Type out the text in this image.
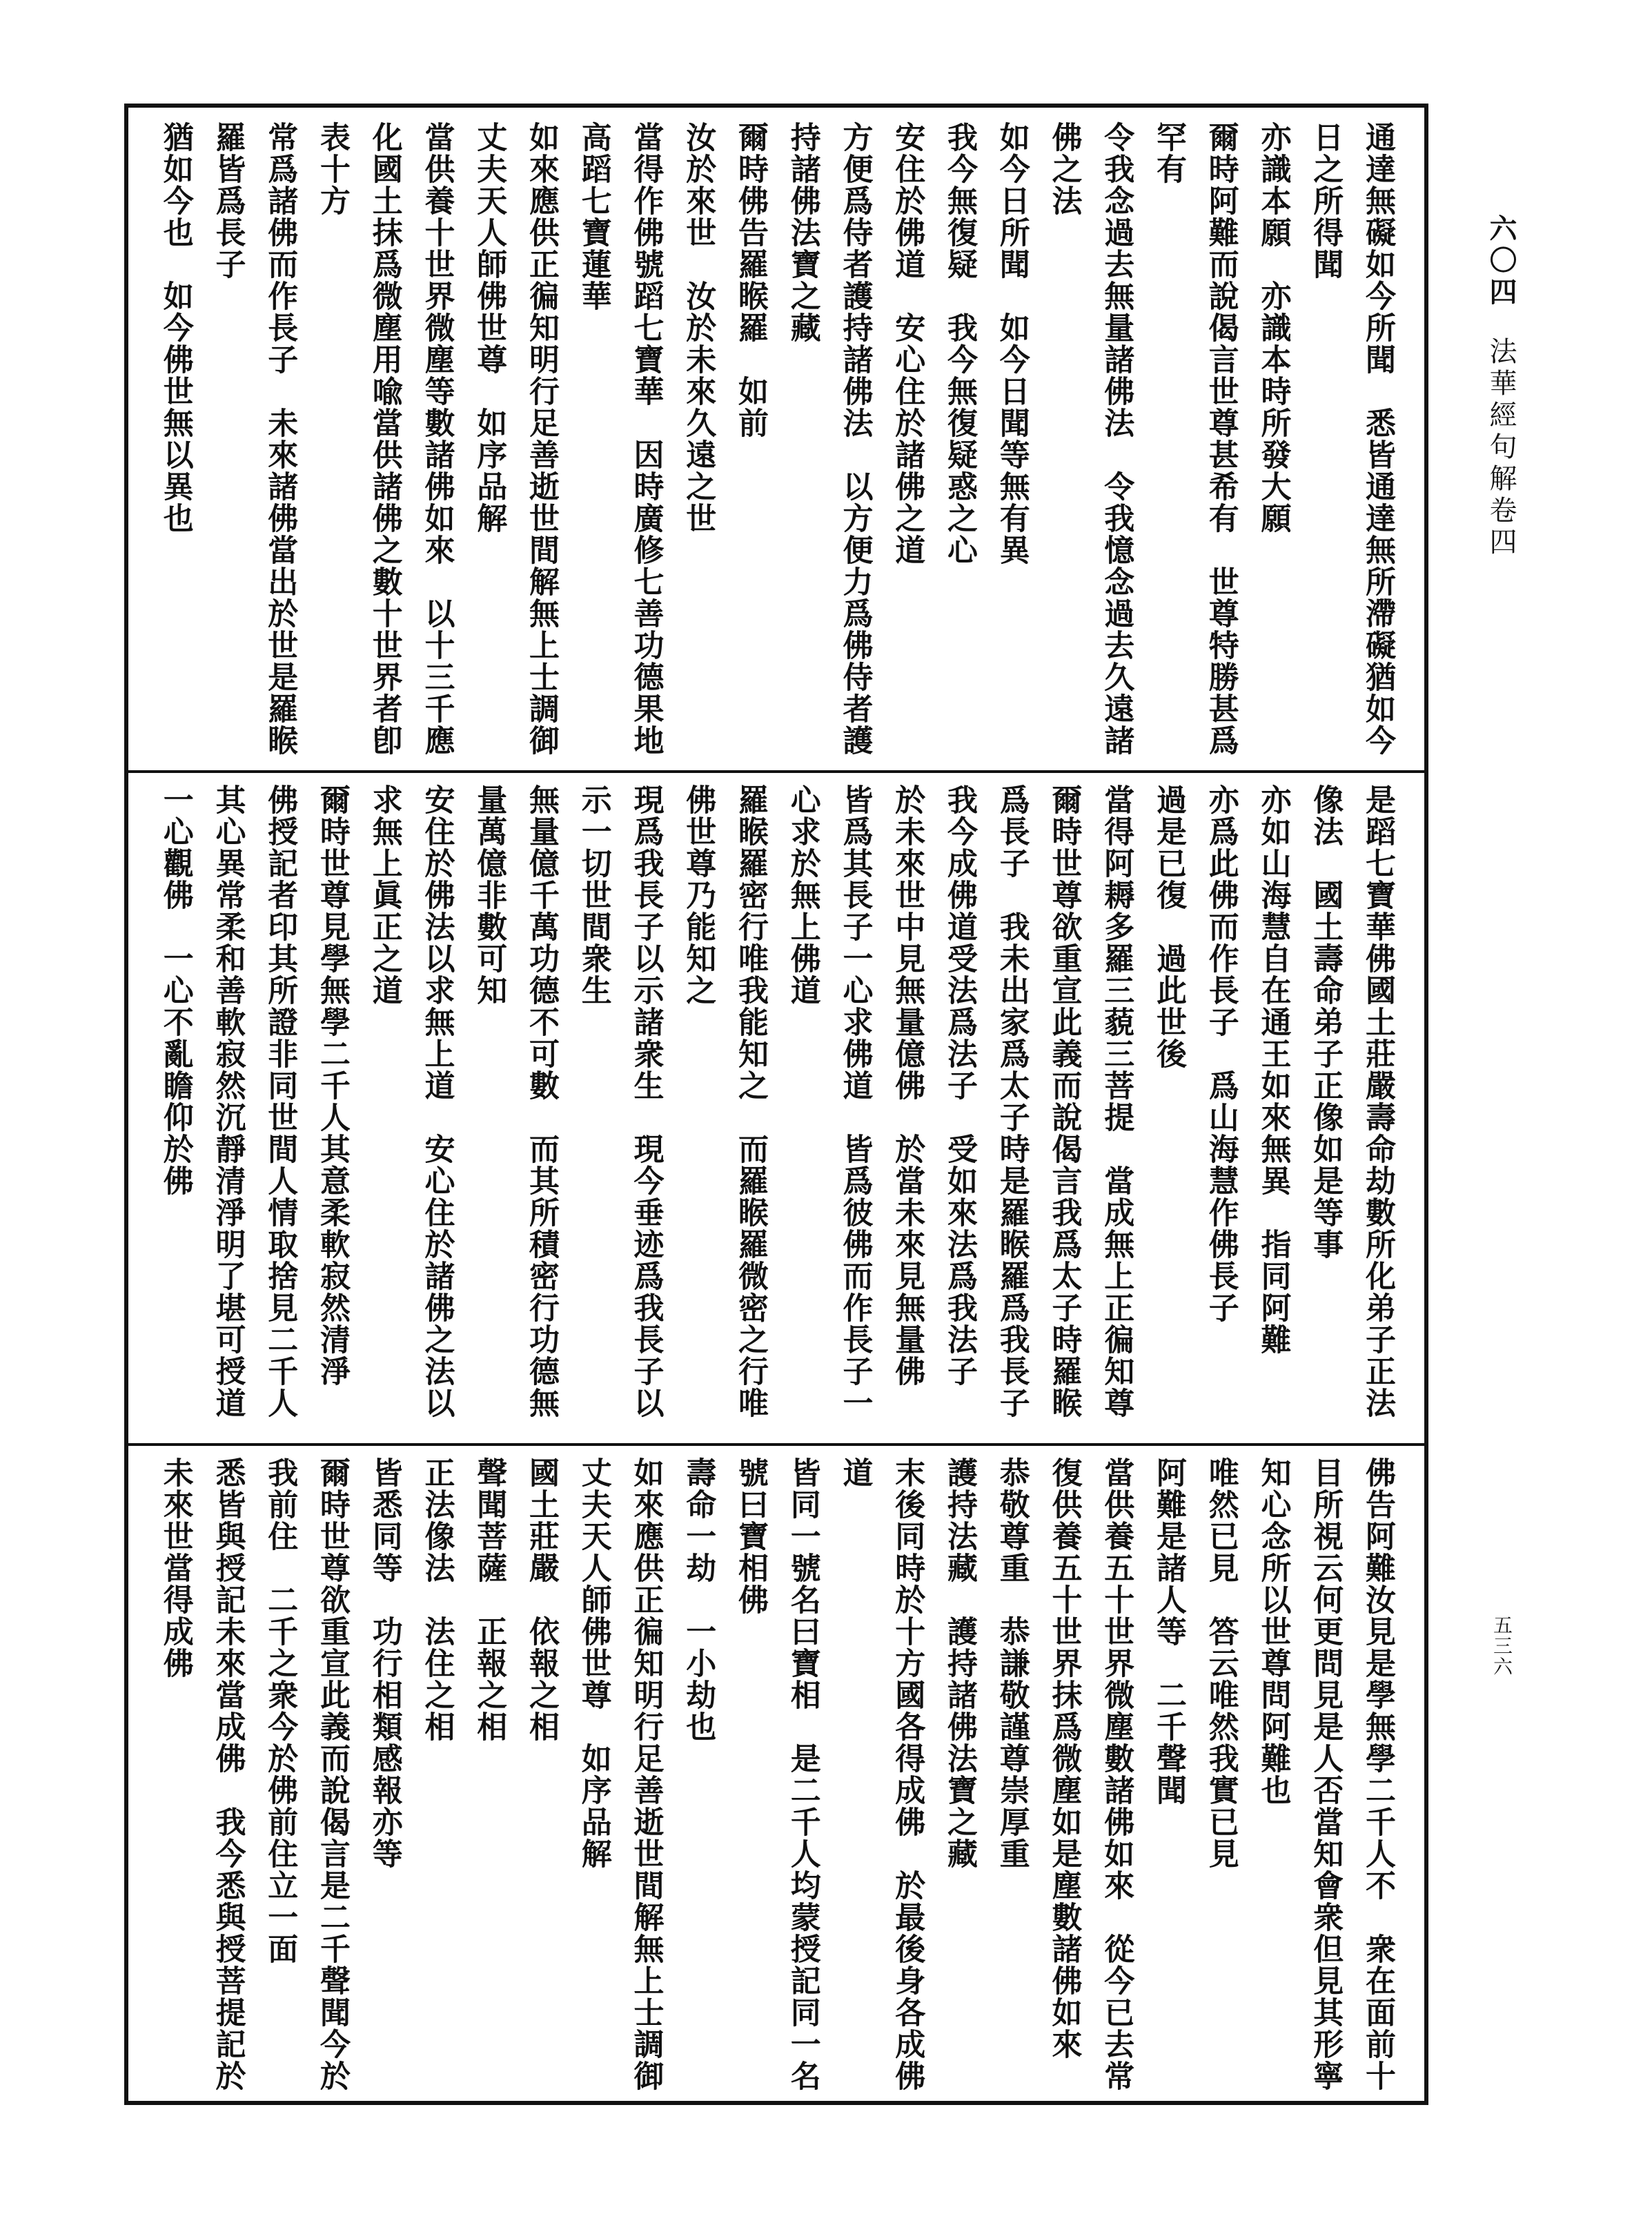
六〇四法華經句解卷四
通達無礙如今所聞　悉皆通達無所滯礙猶如今
日之所得聞
亦識本願　亦識本時所發大願
爾時阿難而說偈言世尊甚希有　世尊特勝甚爲
罕有
令我念過去無量諸佛法　令我憶念過去久遠諸
佛之法
如今日所聞　如今日聞等無有異
我今無復疑　我今無復疑惑之心
安住於佛道　安心住於諸佛之道
方便爲侍者護持諸佛法　以方便力爲佛侍者護
持諸佛法寶之藏
爾時佛告羅睺羅　如前
汝於來世　汝於未來久遠之世
當得作佛號蹈七寶華　因時廣修七善功德果地
高蹈七寶蓮華
如來應供正徧知明行足善逝世間解無上士調御
丈夫天人師佛世尊　如序品解
當供養十世界微塵等數諸佛如來　以十三千應
化國土抹爲微塵用喩當供諸佛之數十世界者卽
表十方
常爲諸佛而作長子　未來諸佛當出於世是羅睺
羅皆爲長子
猶如今也　如今佛世無以異也
是蹈七寶華佛國土莊嚴壽命劫數所化弟子正法
像法　國土壽命弟子正像如是等事
亦如山海慧自在通王如來無異　指同阿難
亦爲此佛而作長子　爲山海慧作佛長子
過是已復　過此世後
當得阿耨多羅三藐三菩提　當成無上正徧知尊
爾時世尊欲重宣此義而說偈言我爲太子時羅睺
爲長子　我未出家爲太子時是羅睺羅爲我長子
我今成佛道受法爲法子　受如來法爲我法子
於未來世中見無量億佛　於當未來見無量佛
皆爲其長子一心求佛道　皆爲彼佛而作長子一
心求於無上佛道
羅睺羅密行唯我能知之　而羅睺羅微密之行唯
佛世尊乃能知之
現爲我長子以示諸衆生　現今垂迹爲我長子以
示一切世間衆生
無量億千萬功德不可數　而其所積密行功德無
量萬億非數可知
安住於佛法以求無上道　安心住於諸佛之法以
求無上眞正之道
爾時世尊見學無學二千人其意柔軟寂然清淨
佛授記者印其所證非同世間人情取捨見二千人
其心異常柔和善軟寂然沉靜清淨明了堪可授道
一心觀佛　一心不亂瞻仰於佛
佛告阿難汝見是學無學二千人不　衆在面前十
目所視云何更問見是人否當知會衆但見其形寧
知心念所以世尊問阿難也
唯然已見　答云唯然我實已見
阿難是諸人等　二千聲聞
當供養五十世界微塵數諸佛如來　從今已去常
復供養五十世界抹爲微塵如是塵數諸佛如來
恭敬尊重　恭謙敬謹尊崇厚重
護持法藏　護持諸佛法寶之藏
末後同時於十方國各得成佛　於最後身各成佛
道
皆同一號名曰寶相　是二千人均蒙授記同一名
號曰寶相佛
壽命一劫　一小劫也
如來應供正徧知明行足善逝世間解無上士調御
丈夫天人師佛世尊　如序品解
國土莊嚴　依報之相
聲聞菩薩　正報之相
正法像法　法住之相
皆悉同等　功行相類感報亦等
爾時世尊欲重宣此義而說偈言是二千聲聞今於
我前住　二千之衆今於佛前住立一面
悉皆與授記未來當成佛　我今悉與授菩提記於
未來世當得成佛	五三六
